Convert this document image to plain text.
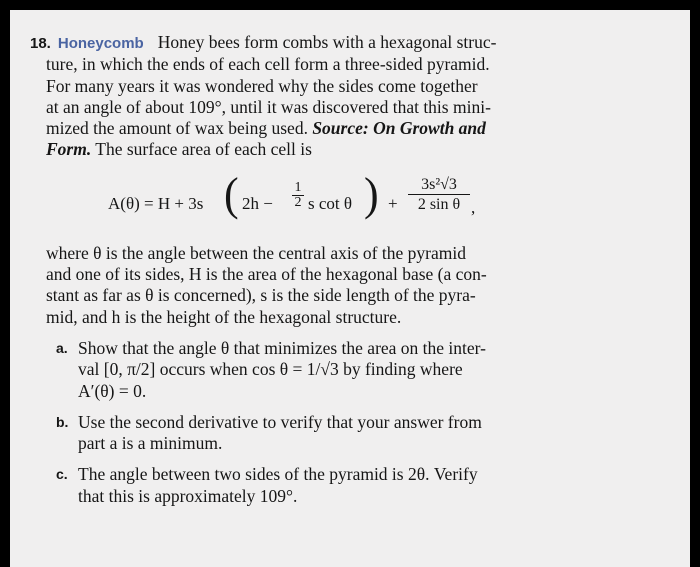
18. Honeycomb Honey bees form combs with a hexagonal struc-
ture, in which the ends of each cell form a three-sided pyramid.
For many years it was wondered why the sides come together
at an angle of about 109°, until it was discovered that this mini-
mized the amount of wax being used. Source: On Growth and
Form. The surface area of each cell is
A(θ) = H + 3s ( 2h −
1
2 s cot θ ) +
3s²√3
2 sin θ ,
where θ is the angle between the central axis of the pyramid
and one of its sides, H is the area of the hexagonal base (a con-
stant as far as θ is concerned), s is the side length of the pyra-
mid, and h is the height of the hexagonal structure.
a. Show that the angle θ that minimizes the area on the inter-
val [0, π/2] occurs when cos θ = 1/√3 by finding where
A′(θ) = 0.
b. Use the second derivative to verify that your answer from
part a is a minimum.
c. The angle between two sides of the pyramid is 2θ. Verify
that this is approximately 109°.
